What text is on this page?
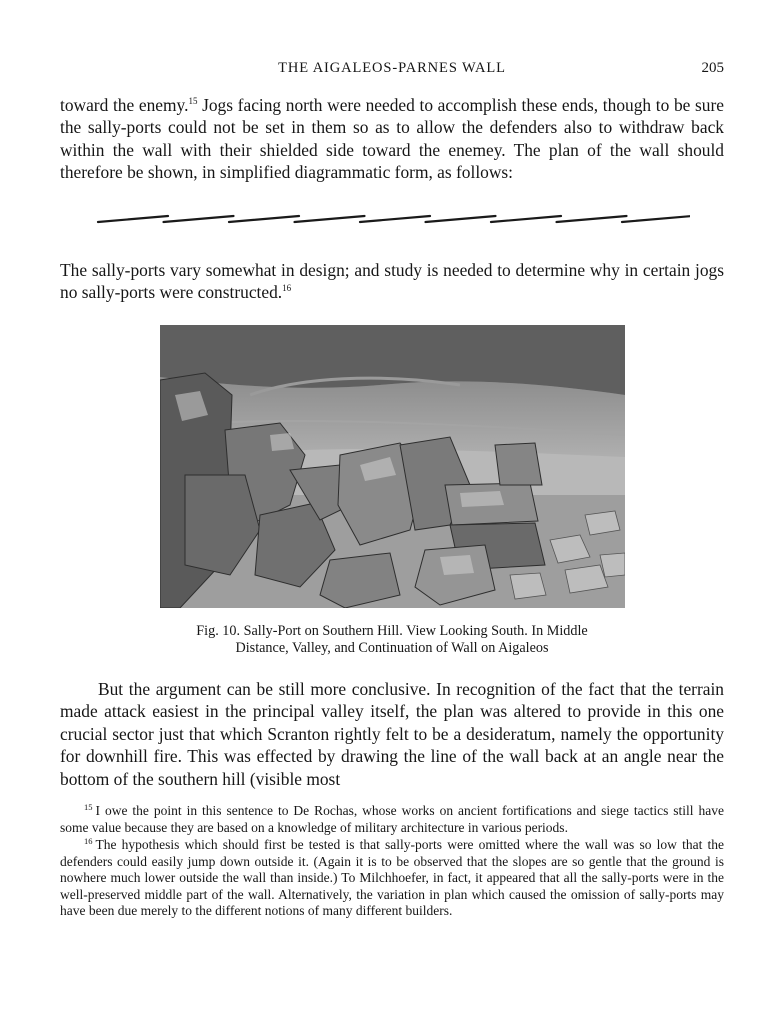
THE AIGALEOS-PARNES WALL	205

toward the enemy.$^{15}$ Jogs facing north were needed to accomplish these ends, though to be sure the sally-ports could not be set in them so as to allow the defenders also to withdraw back within the wall with their shielded side toward the enemey. The plan of the wall should therefore be shown, in simplified diagrammatic form, as follows:

The sally-ports vary somewhat in design; and study is needed to determine why in certain jogs no sally-ports were constructed.$^{16}$

Fig. 10. Sally-Port on Southern Hill. View Looking South. In Middle
Distance, Valley, and Continuation of Wall on Aigaleos

But the argument can be still more conclusive. In recognition of the fact that the terrain made attack easiest in the principal valley itself, the plan was altered to provide in this one crucial sector just that which Scranton rightly felt to be a desideratum, namely the opportunity for downhill fire. This was effected by drawing the line of the wall back at an angle near the bottom of the southern hill (visible most

$^{15}$ I owe the point in this sentence to De Rochas, whose works on ancient fortifications and siege tactics still have some value because they are based on a knowledge of military architecture in various periods.

$^{16}$ The hypothesis which should first be tested is that sally-ports were omitted where the wall was so low that the defenders could easily jump down outside it. (Again it is to be observed that the slopes are so gentle that the ground is nowhere much lower outside the wall than inside.) To Milchhoefer, in fact, it appeared that all the sally-ports were in the well-preserved middle part of the wall. Alternatively, the variation in plan which caused the omission of sally-ports may have been due merely to the different notions of many different builders.
